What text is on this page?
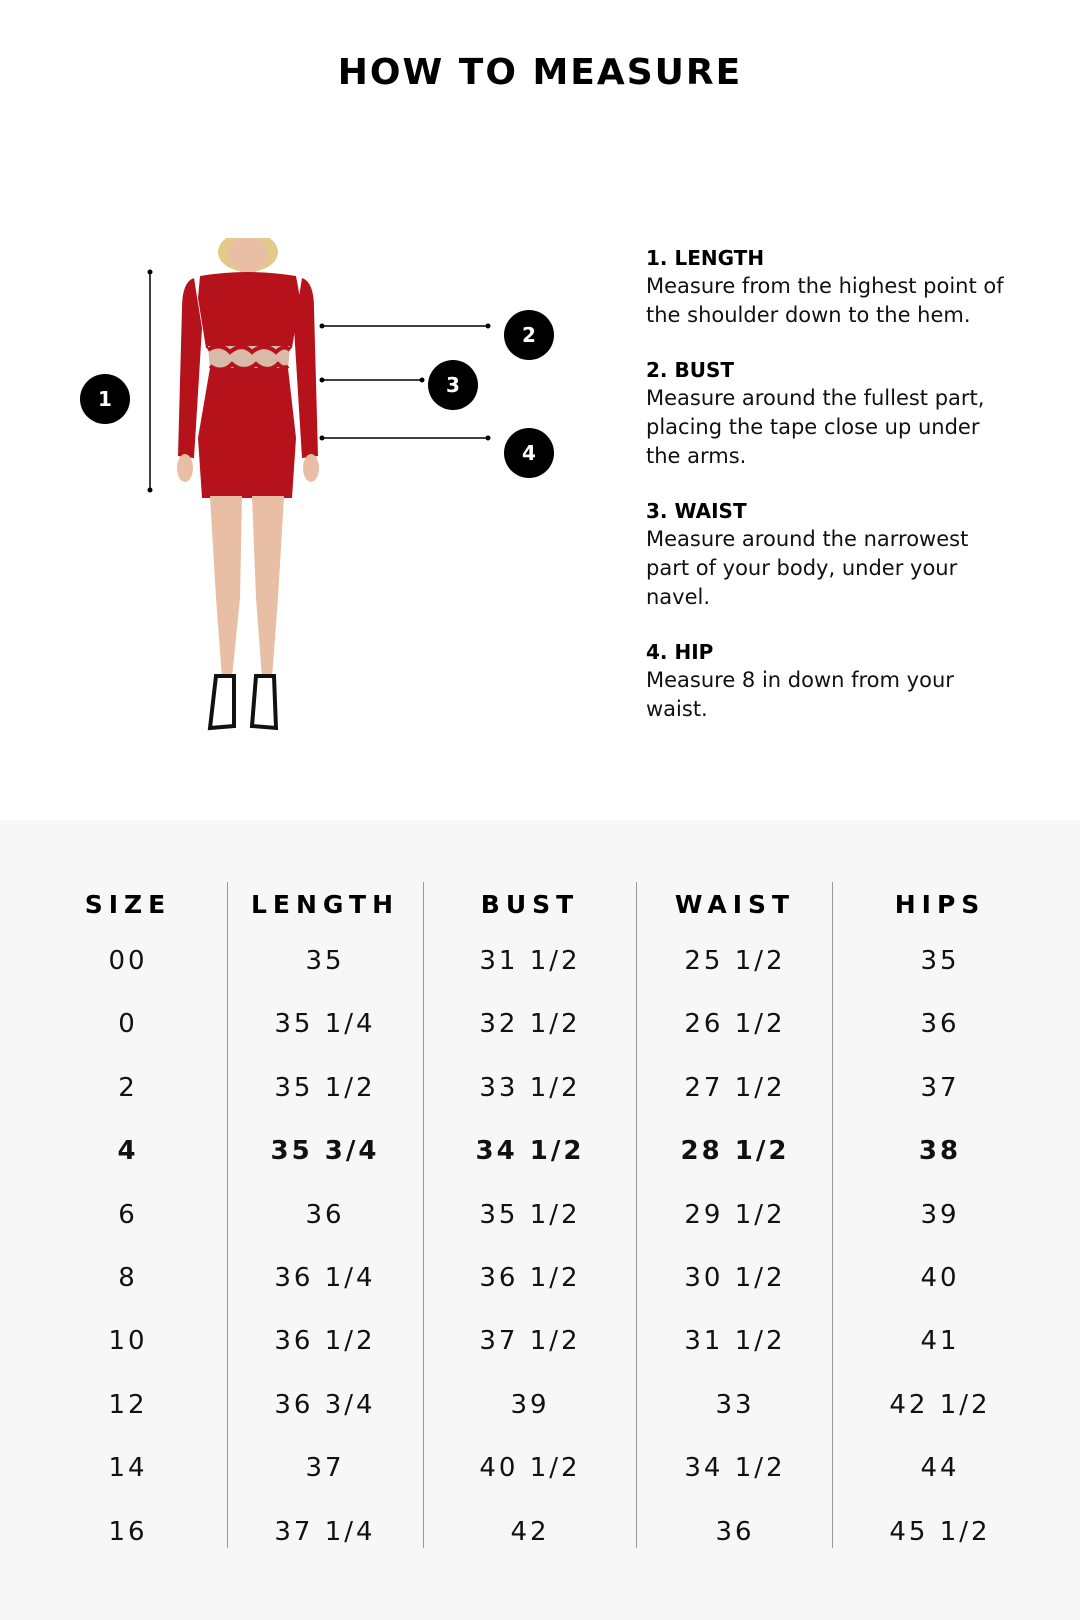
HOW TO MEASURE
1
2
3
4
1. LENGTH
Measure from the highest point of the shoulder down to the hem.
2. BUST
Measure around the fullest part, placing the tape close up under the arms.
3. WAIST
Measure around the narrowest part of your body, under your navel.
4. HIP
Measure 8 in down from your waist.
SIZE
00
0
2
4
6
8
10
12
14
16
LENGTH
35
35 1/4
35 1/2
35 3/4
36
36 1/4
36 1/2
36 3/4
37
37 1/4
BUST
31 1/2
32 1/2
33 1/2
34 1/2
35 1/2
36 1/2
37 1/2
39
40 1/2
42
WAIST
25 1/2
26 1/2
27 1/2
28 1/2
29 1/2
30 1/2
31 1/2
33
34 1/2
36
HIPS
35
36
37
38
39
40
41
42 1/2
44
45 1/2
